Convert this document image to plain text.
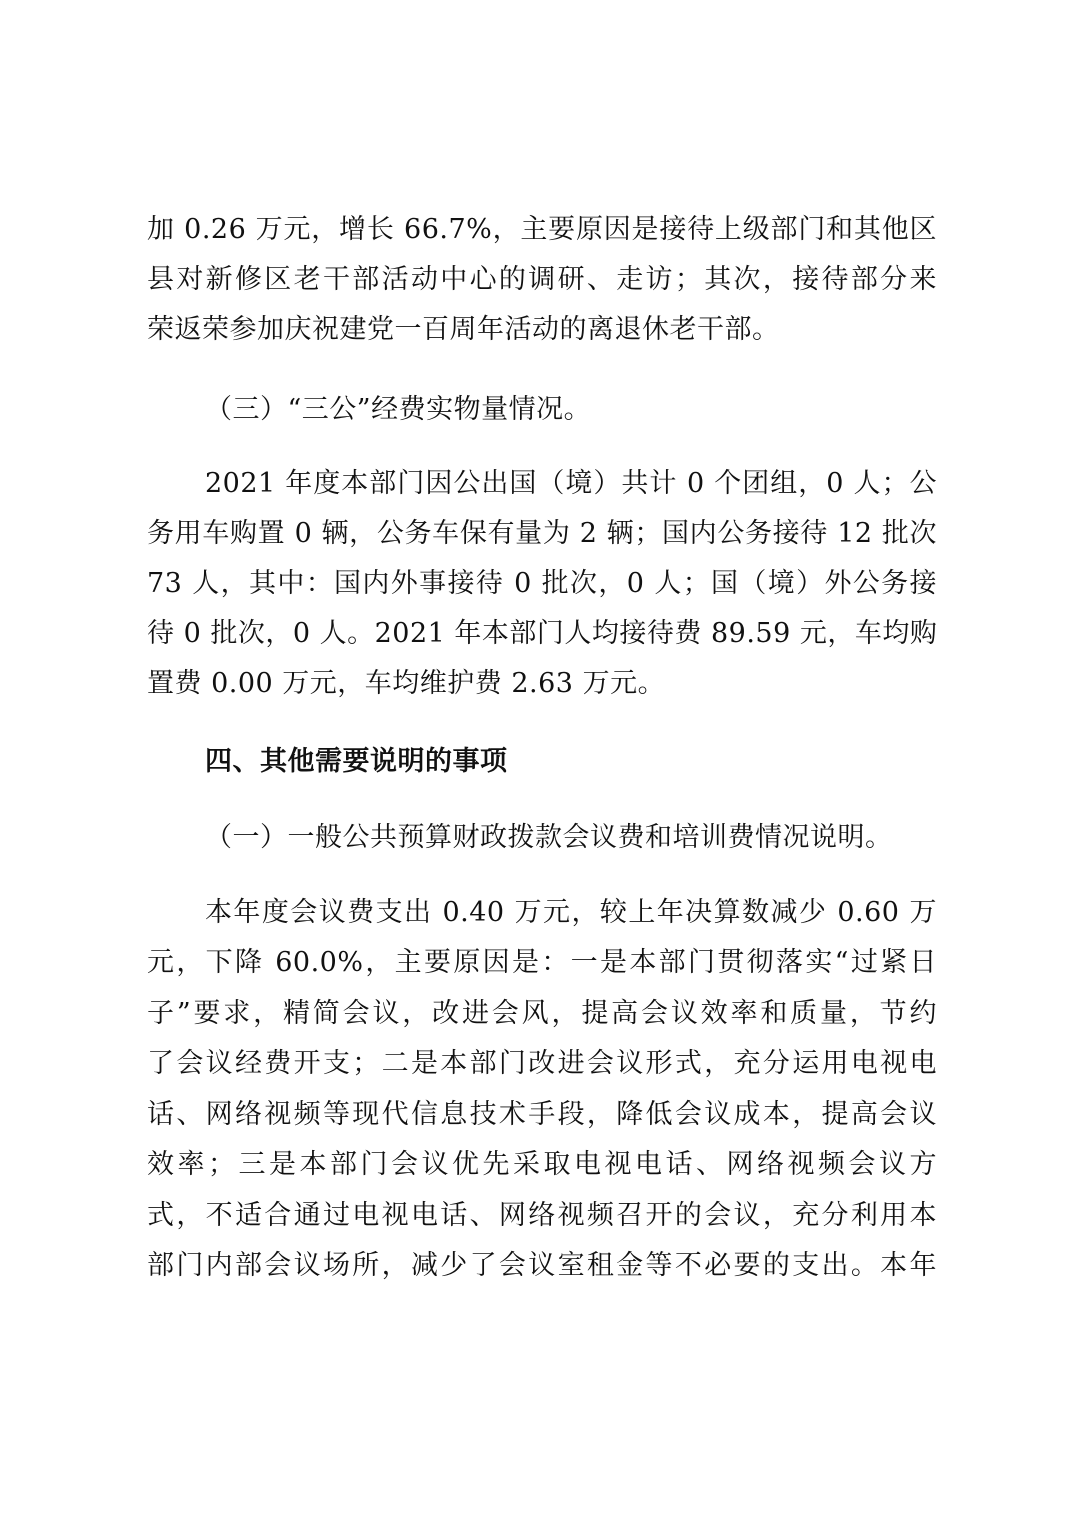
加 0.26 万元，增长 66.7%，主要原因是接待上级部门和其他区
县对新修区老干部活动中心的调研、走访；其次，接待部分来
荣返荣参加庆祝建党一百周年活动的离退休老干部。
（三）“三公”经费实物量情况。
2021 年度本部门因公出国（境）共计 0 个团组，0 人；公
务用车购置 0 辆，公务车保有量为 2 辆；国内公务接待 12 批次
73 人，其中：国内外事接待 0 批次，0 人；国（境）外公务接
待 0 批次，0 人。2021 年本部门人均接待费 89.59 元，车均购
置费 0.00 万元，车均维护费 2.63 万元。
四、其他需要说明的事项
（一）一般公共预算财政拨款会议费和培训费情况说明。
本年度会议费支出 0.40 万元，较上年决算数减少 0.60 万
元，下降 60.0%，主要原因是：一是本部门贯彻落实“过紧日
子”要求，精简会议，改进会风，提高会议效率和质量，节约
了会议经费开支；二是本部门改进会议形式，充分运用电视电
话、网络视频等现代信息技术手段，降低会议成本，提高会议
效率；三是本部门会议优先采取电视电话、网络视频会议方
式，不适合通过电视电话、网络视频召开的会议，充分利用本
部门内部会议场所，减少了会议室租金等不必要的支出。本年
